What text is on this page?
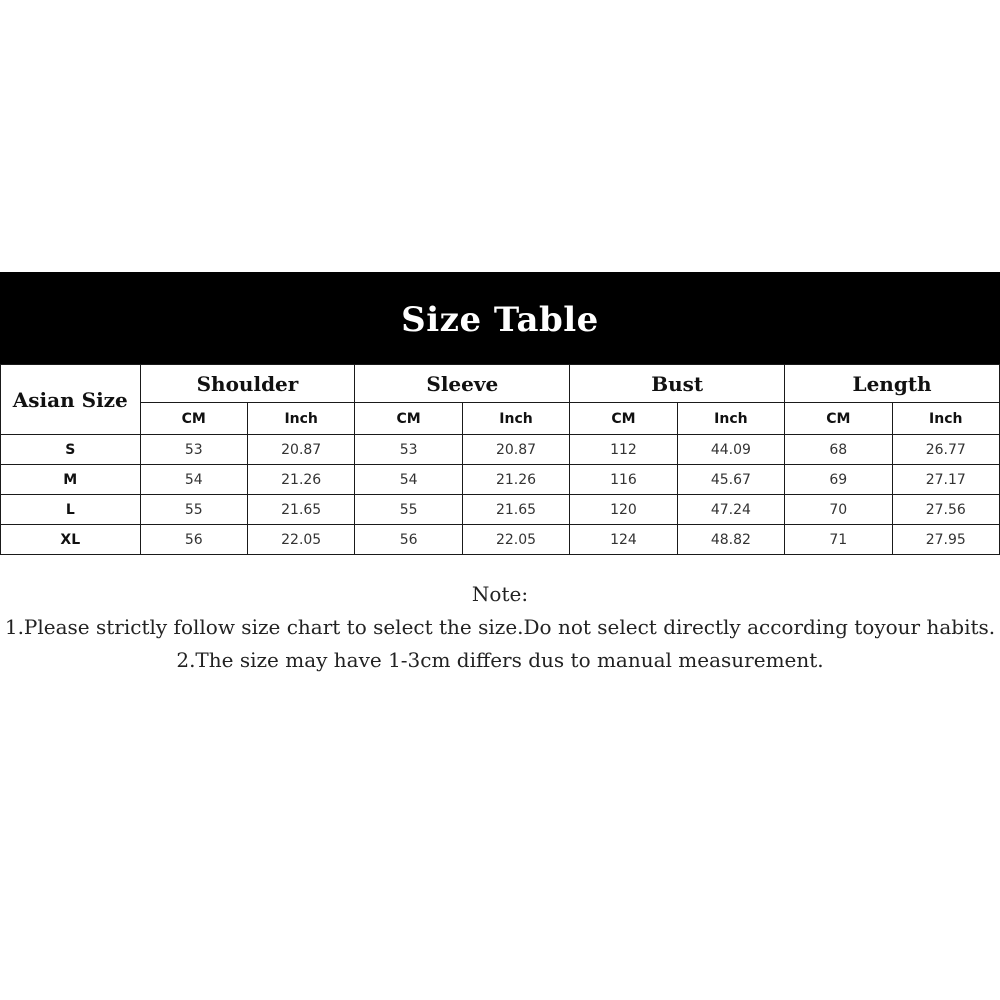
Size Table
Asian Size	Shoulder		Sleeve		Bust		Length	
	CM	Inch	CM	Inch	CM	Inch	CM	Inch
S	53	20.87	53	20.87	112	44.09	68	26.77
M	54	21.26	54	21.26	116	45.67	69	27.17
L	55	21.65	55	21.65	120	47.24	70	27.56
XL	56	22.05	56	22.05	124	48.82	71	27.95
Note:
1.Please strictly follow size chart to select the size.Do not select directly according toyour habits.
2.The size may have 1-3cm differs dus to manual measurement.
